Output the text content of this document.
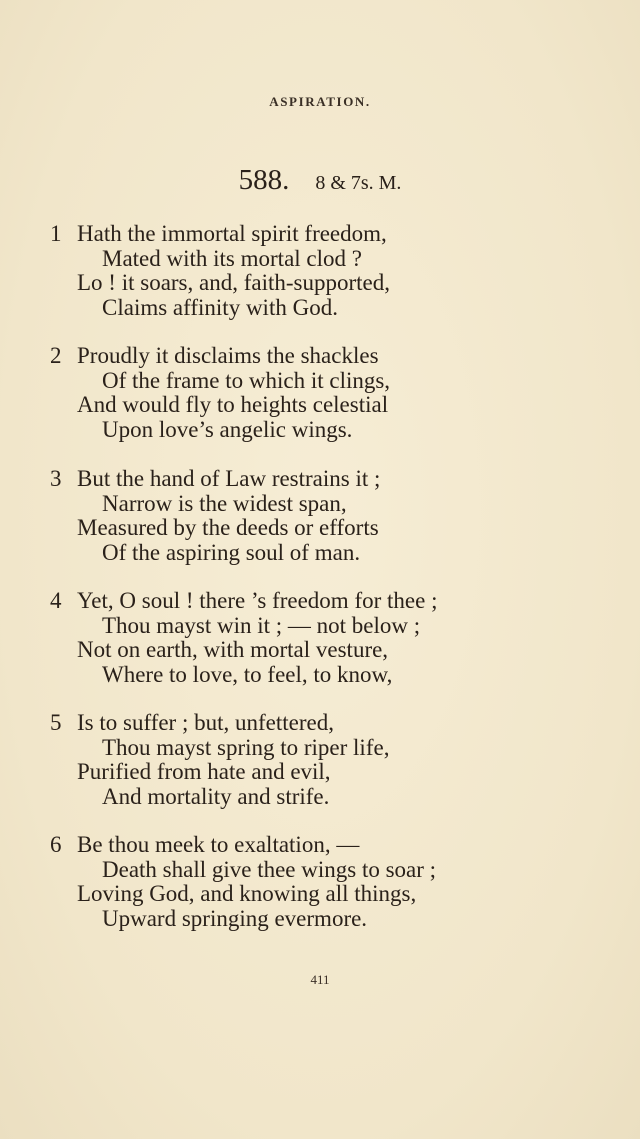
ASPIRATION.
588. 8 & 7s. M.
1 Hath the immortal spirit freedom,
Mated with its mortal clod ?
Lo ! it soars, and, faith-supported,
Claims affinity with God.
2 Proudly it disclaims the shackles
Of the frame to which it clings,
And would fly to heights celestial
Upon love’s angelic wings.
3 But the hand of Law restrains it ;
Narrow is the widest span,
Measured by the deeds or efforts
Of the aspiring soul of man.
4 Yet, O soul ! there ’s freedom for thee ;
Thou mayst win it ; — not below ;
Not on earth, with mortal vesture,
Where to love, to feel, to know,
5 Is to suffer ; but, unfettered,
Thou mayst spring to riper life,
Purified from hate and evil,
And mortality and strife.
6 Be thou meek to exaltation, —
Death shall give thee wings to soar ;
Loving God, and knowing all things,
Upward springing evermore.
411
